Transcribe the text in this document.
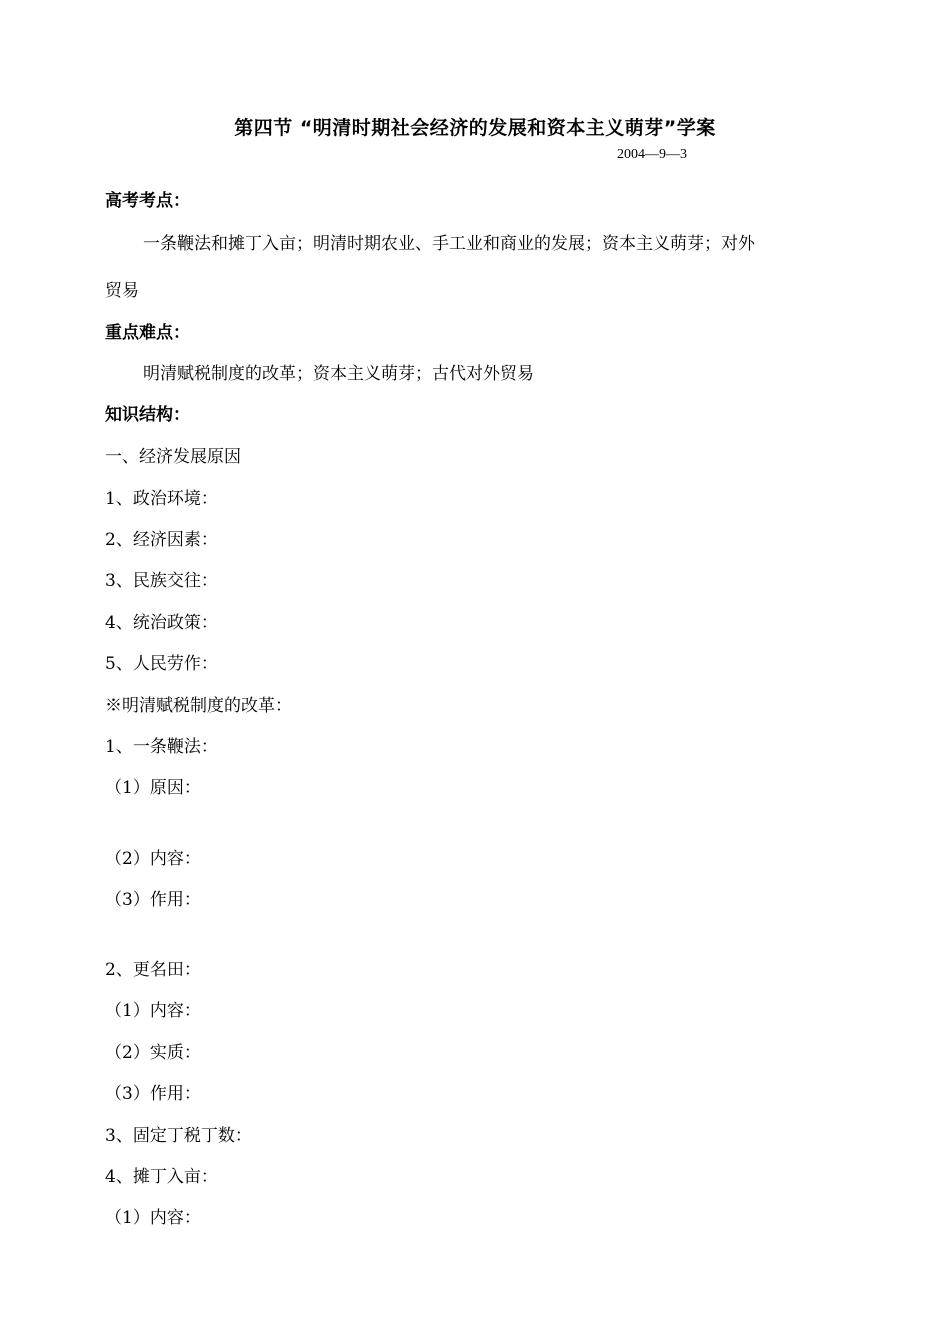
第四节 “明清时期社会经济的发展和资本主义萌芽”学案
2004—9—3
高考考点：
一条鞭法和摊丁入亩；明清时期农业、手工业和商业的发展；资本主义萌芽；对外
贸易
重点难点：
明清赋税制度的改革；资本主义萌芽；古代对外贸易
知识结构：
一、经济发展原因
1、政治环境：
2、经济因素：
3、民族交往：
4、统治政策：
5、人民劳作：
※明清赋税制度的改革：
1、一条鞭法：
（1）原因：
（2）内容：
（3）作用：
2、更名田：
（1）内容：
（2）实质：
（3）作用：
3、固定丁税丁数：
4、摊丁入亩：
（1）内容：
